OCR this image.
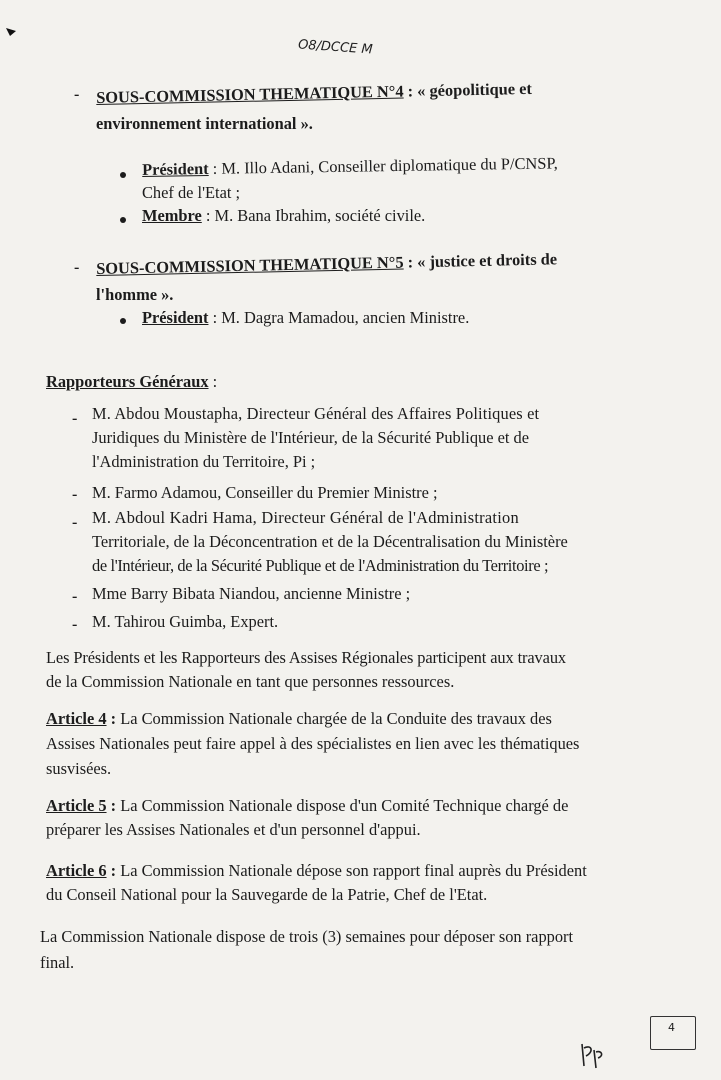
O8/DCCE M
- SOUS-COMMISSION THEMATIQUE N°4 : « géopolitique et
environnement international ».
Président : M. Illo Adani, Conseiller diplomatique du P/CNSP,
Chef de l'Etat ;
Membre : M. Bana Ibrahim, société civile.
- SOUS-COMMISSION THEMATIQUE N°5 : « justice et droits de
l'homme ».
Président : M. Dagra Mamadou, ancien Ministre.
Rapporteurs Généraux :
- M. Abdou Moustapha, Directeur Général des Affaires Politiques et
Juridiques du Ministère de l'Intérieur, de la Sécurité Publique et de
l'Administration du Territoire, Pi ;
- M. Farmo Adamou, Conseiller du Premier Ministre ;
- M. Abdoul Kadri Hama, Directeur Général de l'Administration
Territoriale, de la Déconcentration et de la Décentralisation du Ministère
de l'Intérieur, de la Sécurité Publique et de l'Administration du Territoire ;
- Mme Barry Bibata Niandou, ancienne Ministre ;
- M. Tahirou Guimba, Expert.
Les Présidents et les Rapporteurs des Assises Régionales participent aux travaux
de la Commission Nationale en tant que personnes ressources.
Article 4 : La Commission Nationale chargée de la Conduite des travaux des
Assises Nationales peut faire appel à des spécialistes en lien avec les thématiques
susvisées.
Article 5 : La Commission Nationale dispose d'un Comité Technique chargé de
préparer les Assises Nationales et d'un personnel d'appui.
Article 6 : La Commission Nationale dépose son rapport final auprès du Président
du Conseil National pour la Sauvegarde de la Patrie, Chef de l'Etat.
La Commission Nationale dispose de trois (3) semaines pour déposer son rapport
final.
4
